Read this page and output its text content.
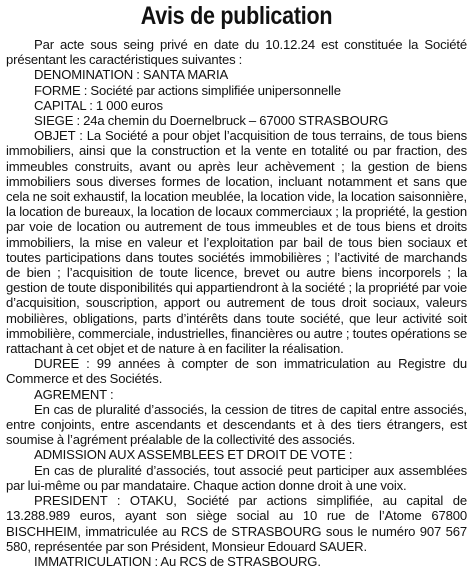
Avis de publication

Par acte sous seing privé en date du 10.12.24 est constituée la Société présentant les caractéristiques suivantes :

DENOMINATION : SANTA MARIA

FORME : Société par actions simplifiée unipersonnelle

CAPITAL : 1 000 euros

SIEGE : 24a chemin du Doernelbruck – 67000 STRASBOURG

OBJET : La Société a pour objet l’acquisition de tous terrains, de tous biens immobiliers, ainsi que la construction et la vente en totalité ou par fraction, des immeubles construits, avant ou après leur achèvement ; la gestion de biens immobiliers sous diverses formes de location, incluant notamment et sans que cela ne soit exhaustif, la location meublée, la location vide, la location saisonnière, la location de bureaux, la location de locaux commerciaux ; la propriété, la gestion par voie de location ou autrement de tous immeubles et de tous biens et droits immobiliers, la mise en valeur et l’exploitation par bail de tous bien sociaux et toutes participations dans toutes sociétés immobilières ; l’activité de marchands de bien ; l’acquisition de toute licence, brevet ou autre biens incorporels ; la gestion de toute disponibilités qui appartiendront à la société ; la propriété par voie d’acquisition, souscription, apport ou autrement de tous droit sociaux, valeurs mobilières, obligations, parts d’intérêts dans toute société, que leur activité soit immobilière, commerciale, industrielles, financières ou autre ; toutes opérations se rattachant à cet objet et de nature à en faciliter la réalisation.

DUREE : 99 années à compter de son immatriculation au Registre du Commerce et des Sociétés.

AGREMENT :

En cas de pluralité d’associés, la cession de titres de capital entre associés, entre conjoints, entre ascendants et descendants et à des tiers étrangers, est soumise à l’agrément préalable de la collectivité des associés.

ADMISSION AUX ASSEMBLEES ET DROIT DE VOTE :

En cas de pluralité d’associés, tout associé peut participer aux assemblées par lui-même ou par mandataire. Chaque action donne droit à une voix.

PRESIDENT : OTAKU, Société par actions simplifiée, au capital de 13.288.989 euros, ayant son siège social au 10 rue de l’Atome 67800 BISCHHEIM, immatriculée au RCS de STRASBOURG sous le numéro 907 567 580, représentée par son Président, Monsieur Edouard SAUER.

IMMATRICULATION : Au RCS de STRASBOURG.
